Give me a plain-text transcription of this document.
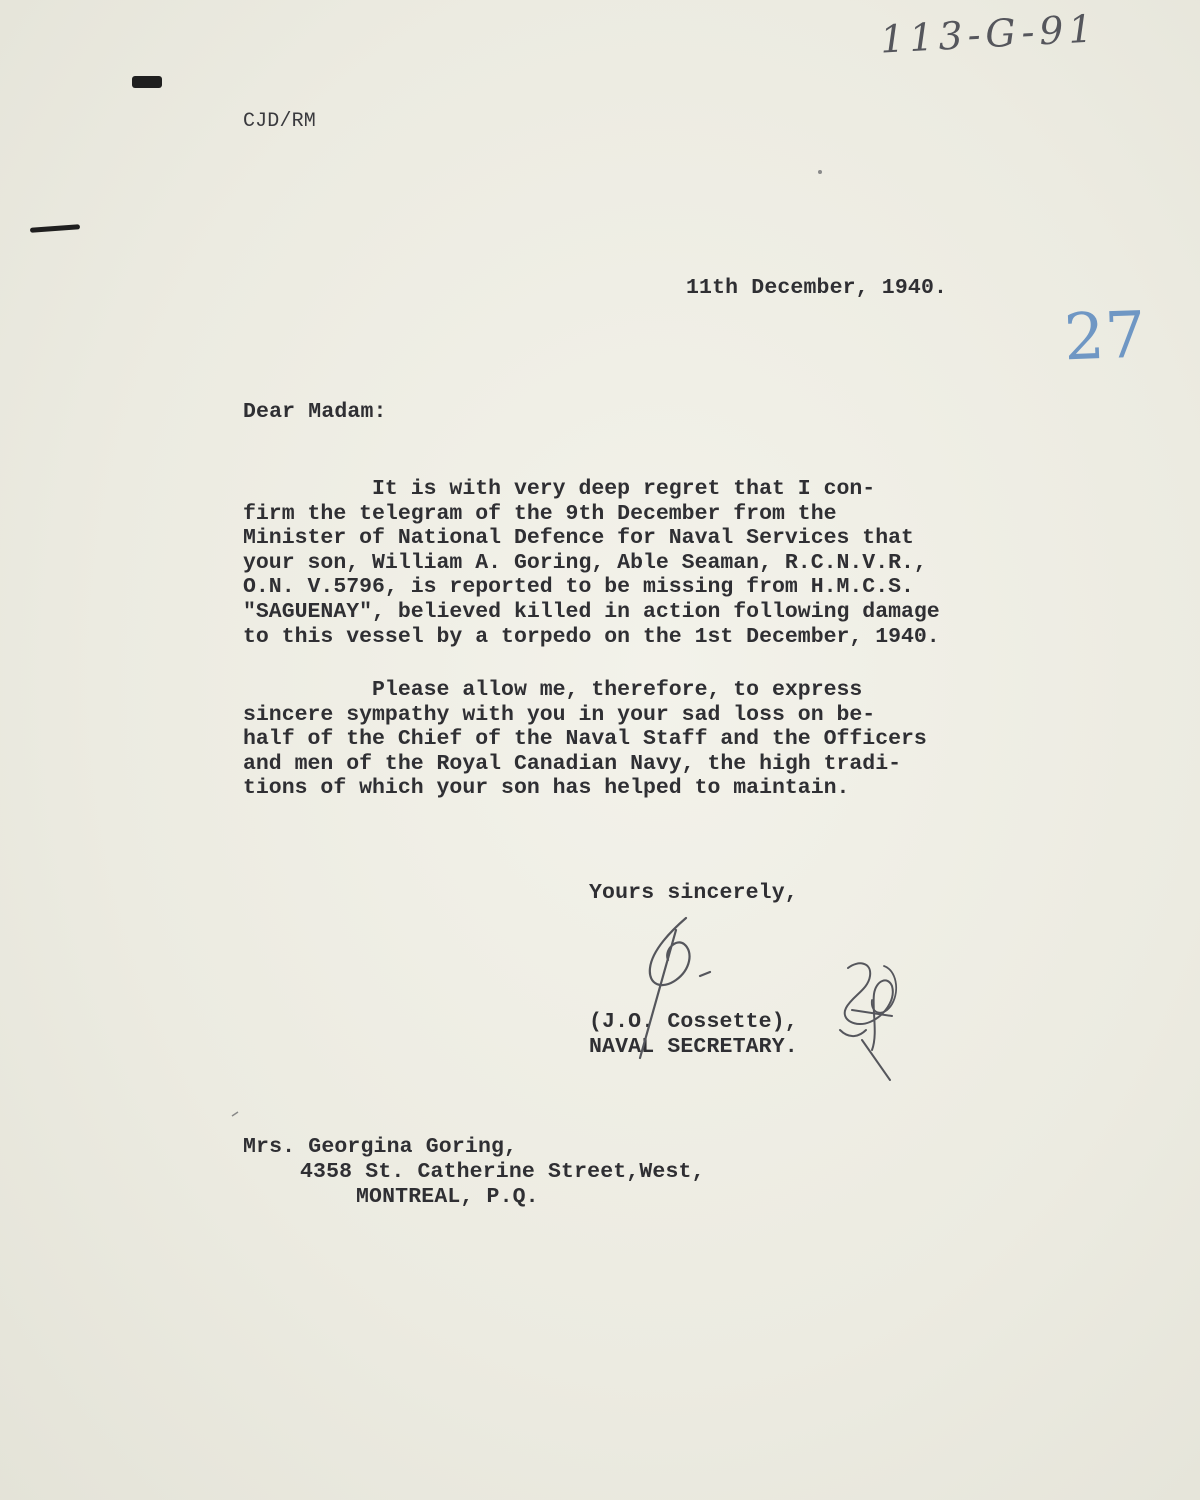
113-G-91
CJD/RM
11th December, 1940.
27
Dear Madam:
It is with very deep regret that I con-
firm the telegram of the 9th December from the
Minister of National Defence for Naval Services that
your son, William A. Goring, Able Seaman, R.C.N.V.R.,
O.N. V.5796, is reported to be missing from H.M.C.S.
"SAGUENAY", believed killed in action following damage
to this vessel by a torpedo on the 1st December, 1940.
Please allow me, therefore, to express
sincere sympathy with you in your sad loss on be-
half of the Chief of the Naval Staff and the Officers
and men of the Royal Canadian Navy, the high tradi-
tions of which your son has helped to maintain.
Yours sincerely,
(J.O. Cossette),
NAVAL SECRETARY.
Mrs. Georgina Goring,
4358 St. Catherine Street,West,
MONTREAL, P.Q.
